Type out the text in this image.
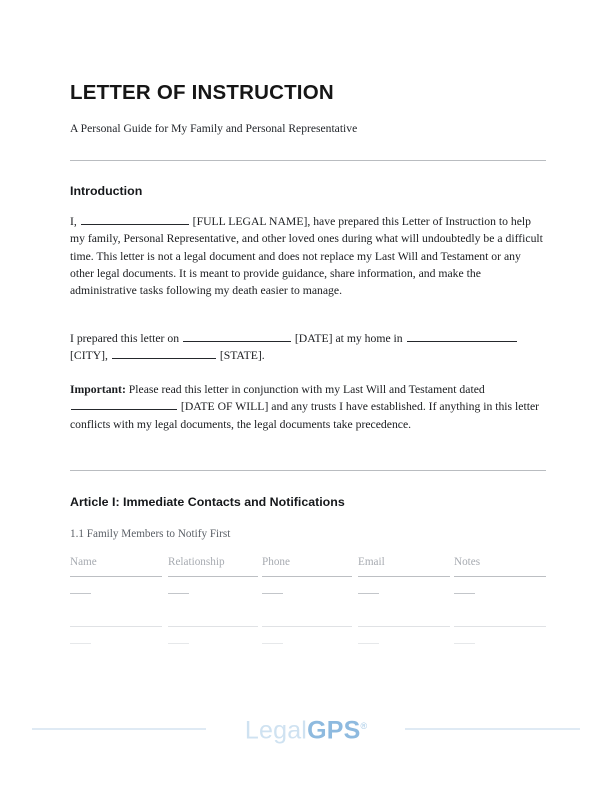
LETTER OF INSTRUCTION
A Personal Guide for My Family and Personal Representative
Introduction
I,	[FULL LEGAL NAME], have prepared this Letter of Instruction to help my family, Personal Representative, and other loved ones during what will undoubtedly be a difficult time. This letter is not a legal document and does not replace my Last Will and Testament or any other legal documents. It is meant to provide guidance, share information, and make the administrative tasks following my death easier to manage.
I prepared this letter on	[DATE] at my home in  [CITY],	[STATE].
Important: Please read this letter in conjunction with my Last Will and Testament dated  [DATE OF WILL] and any trusts I have established. If anything in this letter conflicts with my legal documents, the legal documents take precedence.
Article I: Immediate Contacts and Notifications
1.1 Family Members to Notify First
Name	Relationship	Phone	Email	Notes
LegalGPS®
